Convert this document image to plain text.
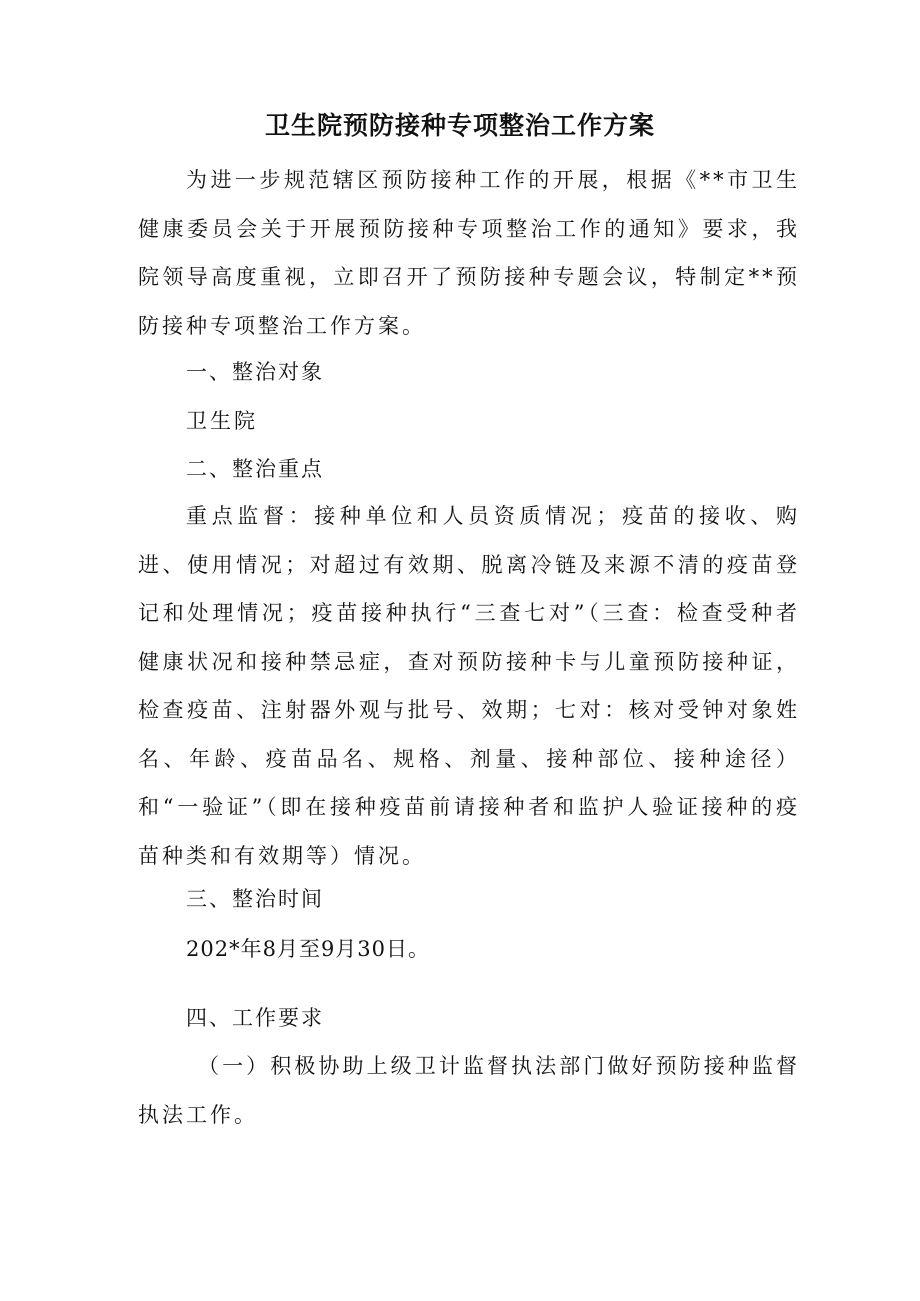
卫生院预防接种专项整治工作方案

为进一步规范辖区预防接种工作的开展，根据《**市卫生健康委员会关于开展预防接种专项整治工作的通知》要求，我院领导高度重视，立即召开了预防接种专题会议，特制定**预防接种专项整治工作方案。

一、整治对象

卫生院

二、整治重点

重点监督：接种单位和人员资质情况；疫苗的接收、购进、使用情况；对超过有效期、脱离冷链及来源不清的疫苗登记和处理情况；疫苗接种执行“三查七对”（三查：检查受种者健康状况和接种禁忌症，查对预防接种卡与儿童预防接种证，检查疫苗、注射器外观与批号、效期；七对：核对受钟对象姓名、年龄、疫苗品名、规格、剂量、接种部位、接种途径）和“一验证”（即在接种疫苗前请接种者和监护人验证接种的疫苗种类和有效期等）情况。

三、整治时间

202*年8月至9月30日。

四、工作要求

（一）积极协助上级卫计监督执法部门做好预防接种监督执法工作。
